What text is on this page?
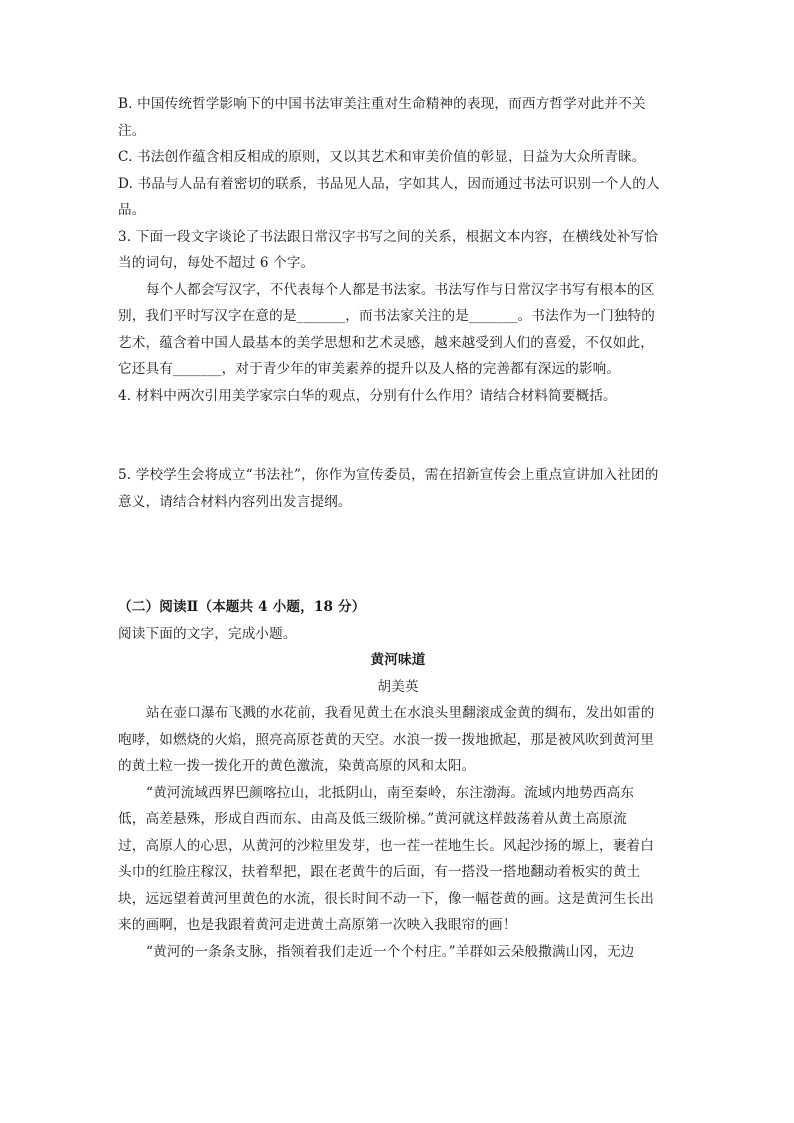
B. 中国传统哲学影响下的中国书法审美注重对生命精神的表现，而西方哲学对此并不关
注。
C. 书法创作蕴含相反相成的原则，又以其艺术和审美价值的彰显，日益为大众所青睐。
D. 书品与人品有着密切的联系，书品见人品，字如其人，因而通过书法可识别一个人的人
品。
3. 下面一段文字谈论了书法跟日常汉字书写之间的关系，根据文本内容，在横线处补写恰
当的词句，每处不超过 6 个字。
每个人都会写汉字，不代表每个人都是书法家。书法写作与日常汉字书写有根本的区
别，我们平时写汉字在意的是_______，而书法家关注的是_______。书法作为一门独特的
艺术，蕴含着中国人最基本的美学思想和艺术灵感，越来越受到人们的喜爱，不仅如此，
它还具有_______，对于青少年的审美素养的提升以及人格的完善都有深远的影响。
4. 材料中两次引用美学家宗白华的观点，分别有什么作用？请结合材料简要概括。
5. 学校学生会将成立“书法社”，你作为宣传委员，需在招新宣传会上重点宣讲加入社团的
意义，请结合材料内容列出发言提纲。
（二）阅读Ⅱ（本题共 4 小题，18 分）
阅读下面的文字，完成小题。
黄河味道
胡美英
站在壶口瀑布飞溅的水花前，我看见黄土在水浪头里翻滚成金黄的绸布，发出如雷的
咆哮，如燃烧的火焰，照亮高原苍黄的天空。水浪一拨一拨地掀起，那是被风吹到黄河里
的黄土粒一拨一拨化开的黄色激流，染黄高原的风和太阳。
“黄河流域西界巴颜喀拉山，北抵阴山，南至秦岭，东注渤海。流域内地势西高东
低，高差悬殊，形成自西而东、由高及低三级阶梯。”黄河就这样鼓荡着从黄土高原流
过，高原人的心思，从黄河的沙粒里发芽，也一茬一茬地生长。风起沙扬的塬上，裹着白
头巾的红脸庄稼汉，扶着犁把，跟在老黄牛的后面，有一搭没一搭地翻动着板实的黄土
块，远远望着黄河里黄色的水流，很长时间不动一下，像一幅苍黄的画。这是黄河生长出
来的画啊，也是我跟着黄河走进黄土高原第一次映入我眼帘的画！
“黄河的一条条支脉，指领着我们走近一个个村庄。”羊群如云朵般撒满山冈，无边
